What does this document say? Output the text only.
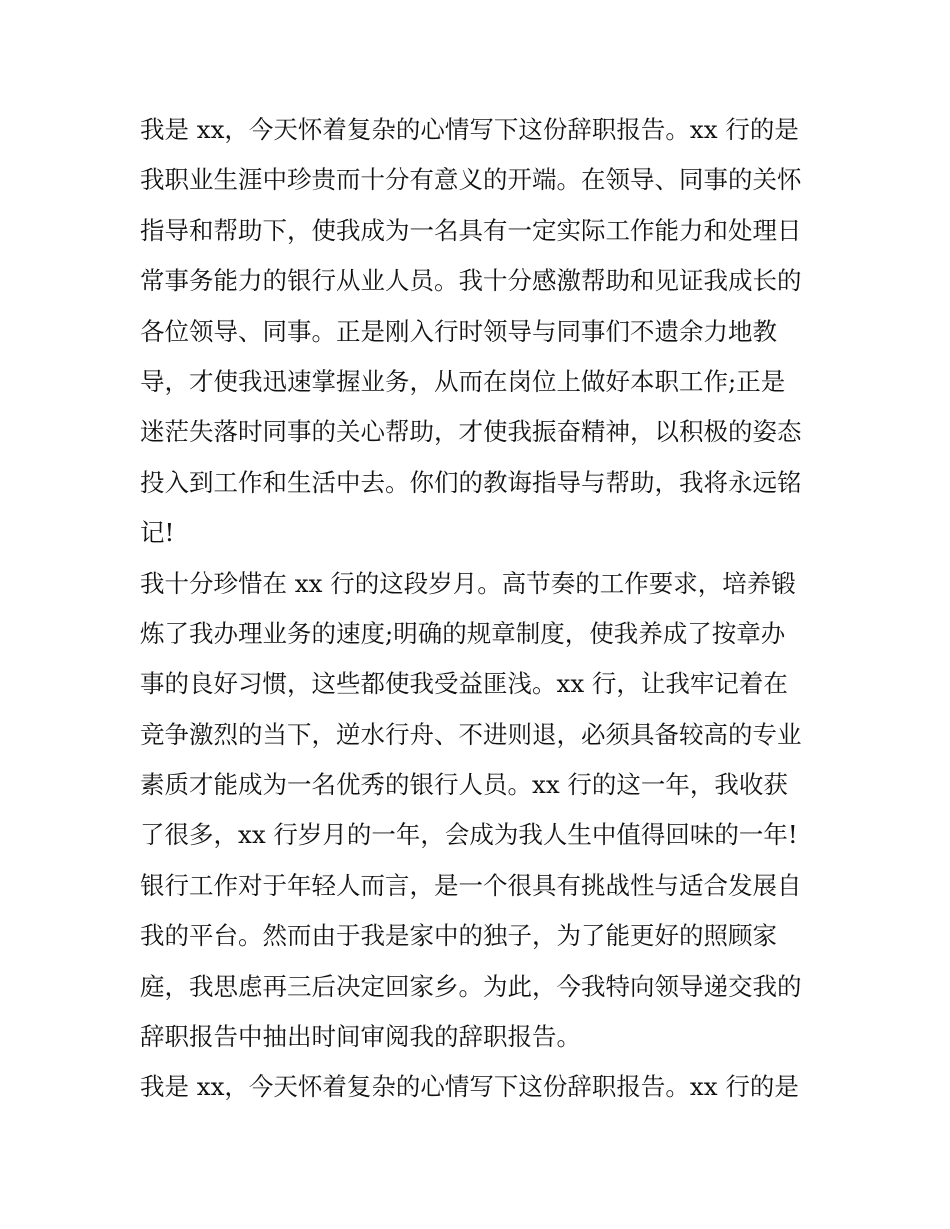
我是 xx，今天怀着复杂的心情写下这份辞职报告。xx 行的是
我职业生涯中珍贵而十分有意义的开端。在领导、同事的关怀
指导和帮助下，使我成为一名具有一定实际工作能力和处理日
常事务能力的银行从业人员。我十分感激帮助和见证我成长的
各位领导、同事。正是刚入行时领导与同事们不遗余力地教
导，才使我迅速掌握业务，从而在岗位上做好本职工作;正是
迷茫失落时同事的关心帮助，才使我振奋精神，以积极的姿态
投入到工作和生活中去。你们的教诲指导与帮助，我将永远铭
记!
我十分珍惜在 xx 行的这段岁月。高节奏的工作要求，培养锻
炼了我办理业务的速度;明确的规章制度，使我养成了按章办
事的良好习惯，这些都使我受益匪浅。xx 行，让我牢记着在
竞争激烈的当下，逆水行舟、不进则退，必须具备较高的专业
素质才能成为一名优秀的银行人员。xx 行的这一年，我收获
了很多，xx 行岁月的一年，会成为我人生中值得回味的一年!
银行工作对于年轻人而言，是一个很具有挑战性与适合发展自
我的平台。然而由于我是家中的独子，为了能更好的照顾家
庭，我思虑再三后决定回家乡。为此，今我特向领导递交我的
辞职报告中抽出时间审阅我的辞职报告。
我是 xx，今天怀着复杂的心情写下这份辞职报告。xx 行的是
